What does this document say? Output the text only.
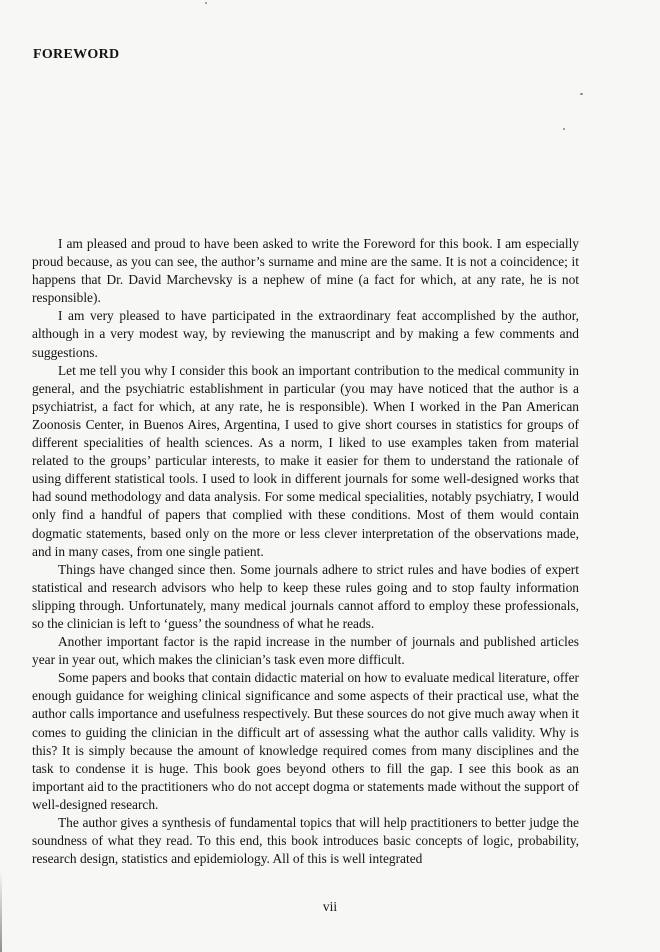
FOREWORD

I am pleased and proud to have been asked to write the Foreword for this book. I am especially proud because, as you can see, the author’s surname and mine are the same. It is not a coincidence; it happens that Dr. David Marchevsky is a nephew of mine (a fact for which, at any rate, he is not responsible).

I am very pleased to have participated in the extraordinary feat accomplished by the author, although in a very modest way, by reviewing the manuscript and by making a few comments and suggestions.

Let me tell you why I consider this book an important contribution to the medical community in general, and the psychiatric establishment in particular (you may have noticed that the author is a psychiatrist, a fact for which, at any rate, he is responsible). When I worked in the Pan American Zoonosis Center, in Buenos Aires, Argentina, I used to give short courses in statistics for groups of different specialities of health sciences. As a norm, I liked to use examples taken from material related to the groups’ particular interests, to make it easier for them to understand the rationale of using different statistical tools. I used to look in different journals for some well-designed works that had sound methodology and data analysis. For some medical specialities, notably psychiatry, I would only find a handful of papers that complied with these conditions. Most of them would contain dogmatic statements, based only on the more or less clever interpretation of the observations made, and in many cases, from one single patient.

Things have changed since then. Some journals adhere to strict rules and have bodies of expert statistical and research advisors who help to keep these rules going and to stop faulty information slipping through. Unfortunately, many medical journals cannot afford to employ these professionals, so the clinician is left to ‘guess’ the soundness of what he reads.

Another important factor is the rapid increase in the number of journals and published articles year in year out, which makes the clinician’s task even more difficult.

Some papers and books that contain didactic material on how to evaluate medical literature, offer enough guidance for weighing clinical significance and some aspects of their practical use, what the author calls importance and usefulness respectively. But these sources do not give much away when it comes to guiding the clinician in the difficult art of assessing what the author calls validity. Why is this? It is simply because the amount of knowledge required comes from many disciplines and the task to condense it is huge. This book goes beyond others to fill the gap. I see this book as an important aid to the practitioners who do not accept dogma or statements made without the support of well-designed research.

The author gives a synthesis of fundamental topics that will help practitioners to better judge the soundness of what they read. To this end, this book introduces basic concepts of logic, probability, research design, statistics and epidemiology. All of this is well integrated

vii
